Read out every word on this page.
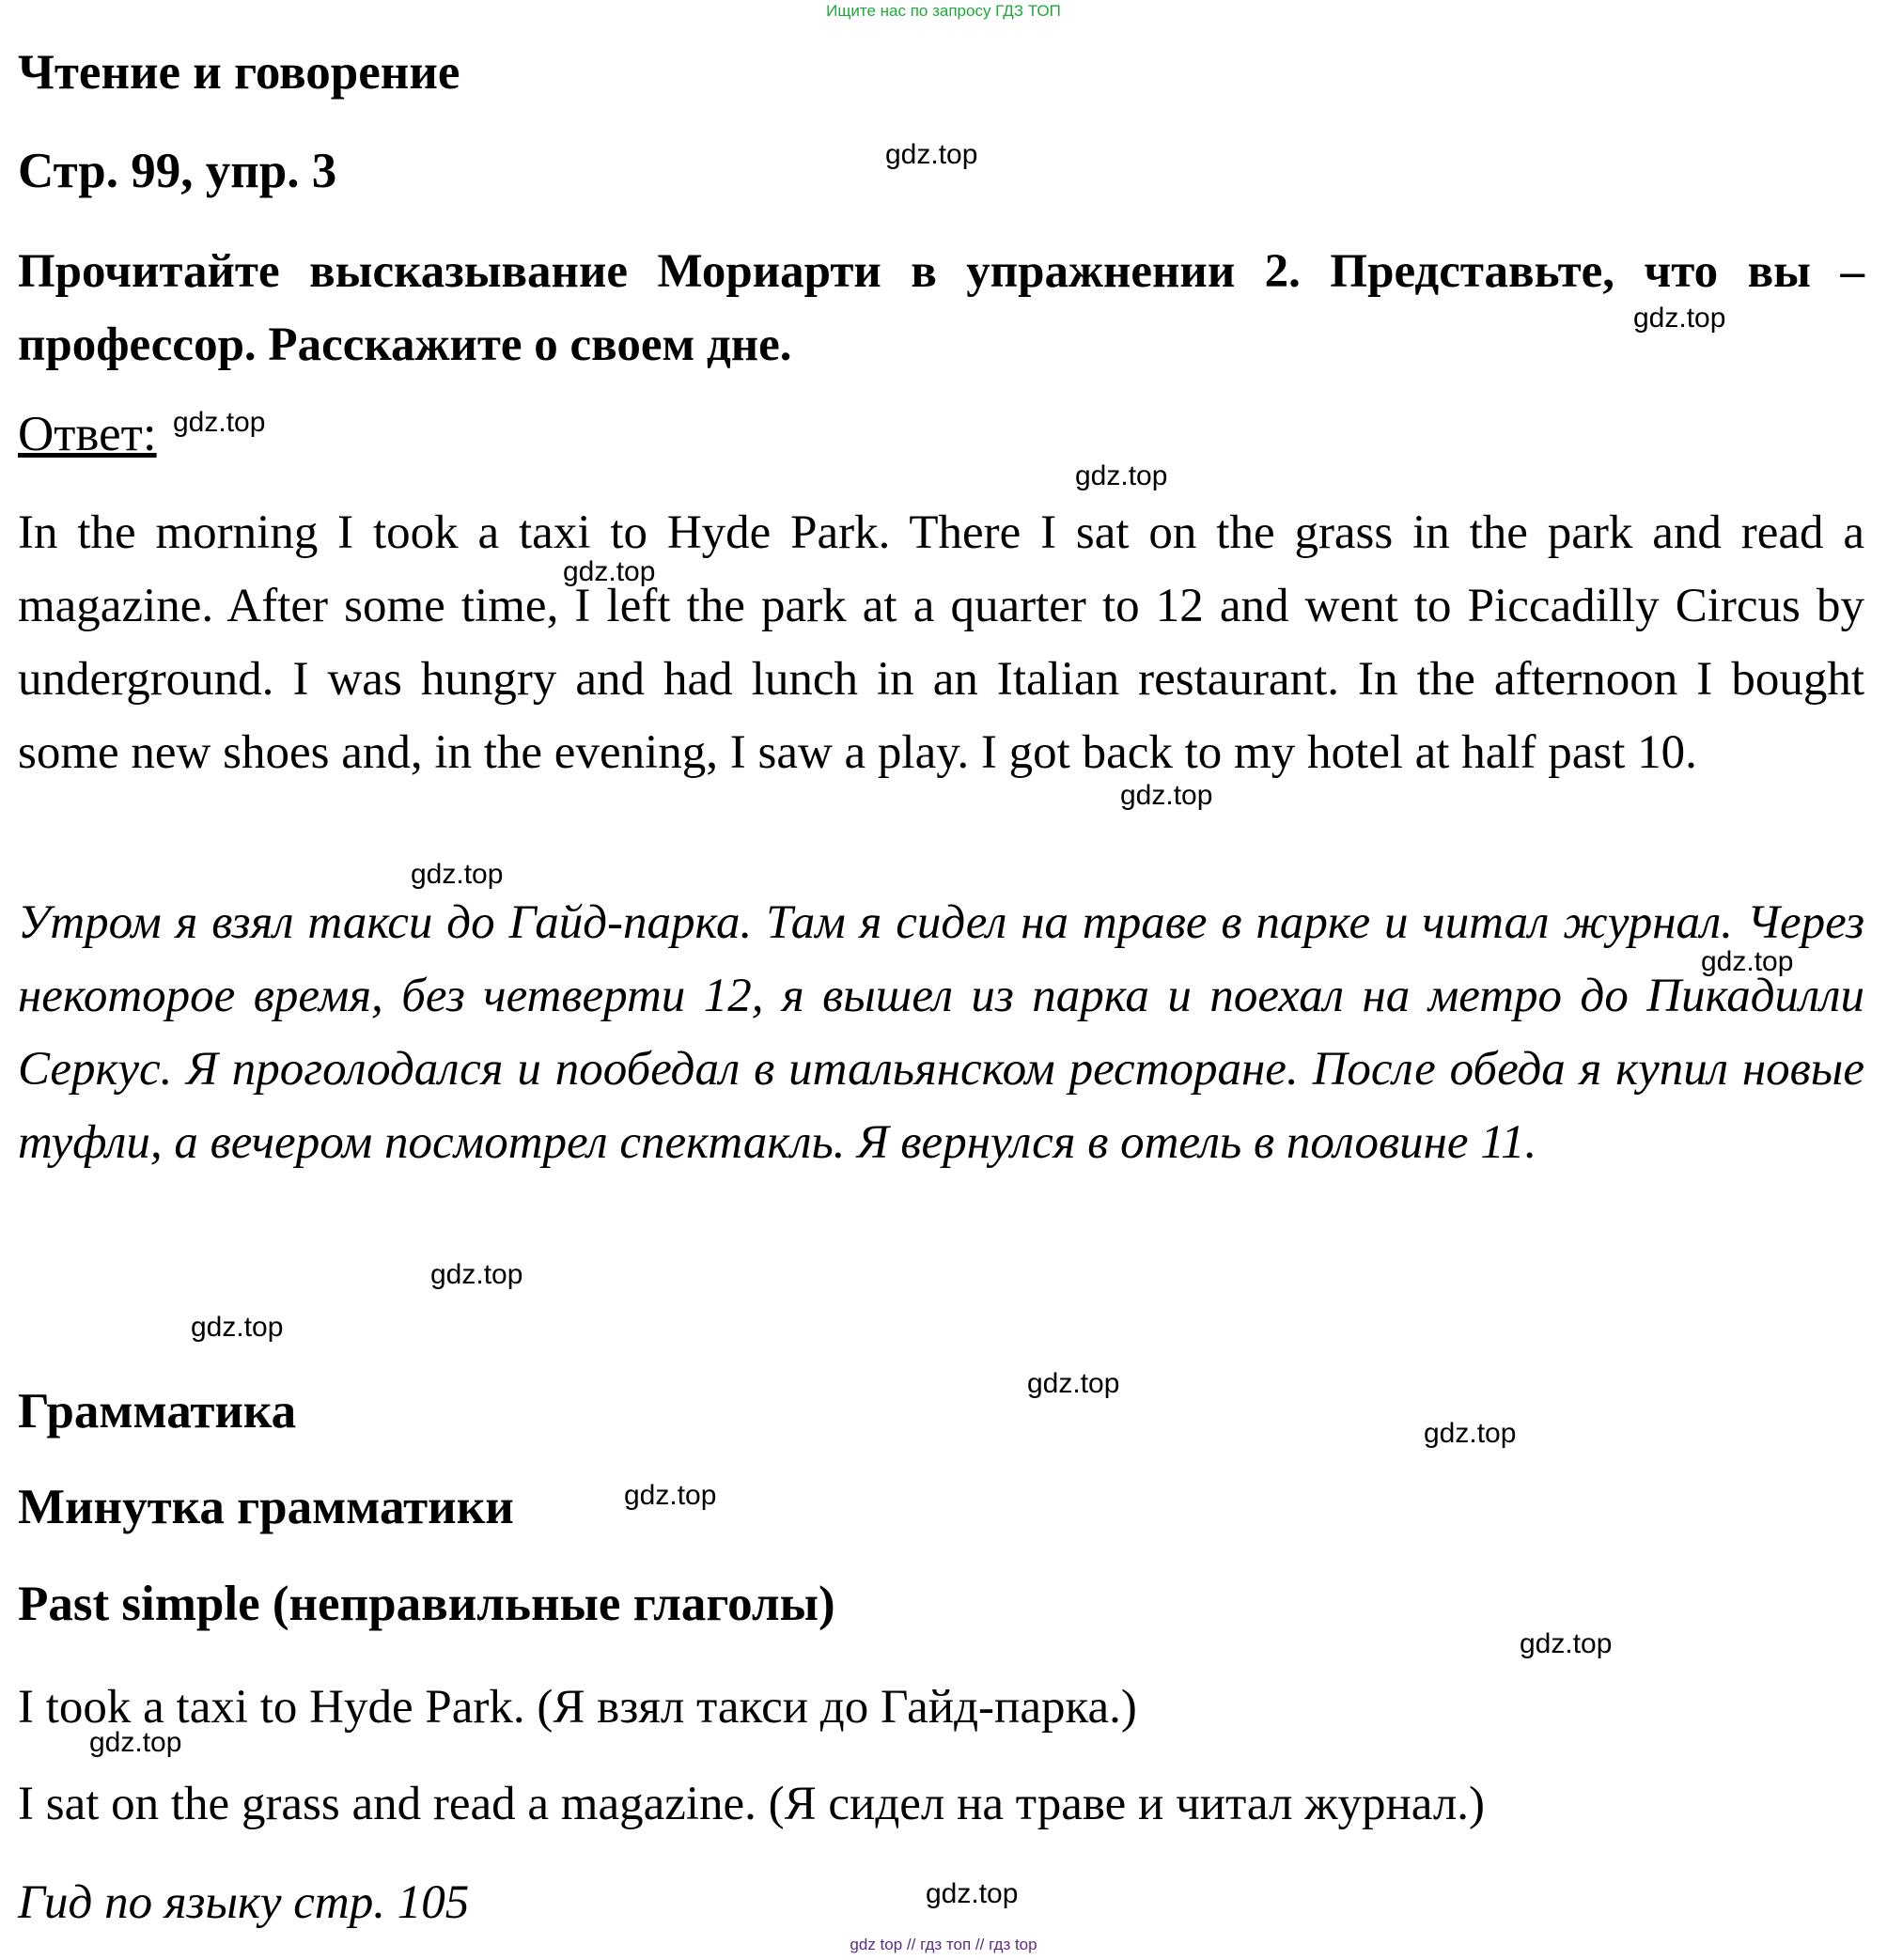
Ищите нас по запросу ГДЗ ТОП
Чтение и говорение
Стр. 99, упр. 3

Прочитайте высказывание Мориарти в упражнении 2. Представьте, что вы – профессор. Расскажите о своем дне.

Ответ:

In the morning I took a taxi to Hyde Park. There I sat on the grass in the park and read a magazine. After some time, I left the park at a quarter to 12 and went to Piccadilly Circus by underground. I was hungry and had lunch in an Italian restaurant. In the afternoon I bought some new shoes and, in the evening, I saw a play. I got back to my hotel at half past 10.

Утром я взял такси до Гайд-парка. Там я сидел на траве в парке и читал журнал. Через некоторое время, без четверти 12, я вышел из парка и поехал на метро до Пикадилли Серкус. Я проголодался и пообедал в итальянском ресторане. После обеда я купил новые туфли, а вечером посмотрел спектакль. Я вернулся в отель в половине 11.

Грамматика
Минутка грамматики
Past simple (неправильные глаголы)
I took a taxi to Hyde Park. (Я взял такси до Гайд-парка.)
I sat on the grass and read a magazine. (Я сидел на траве и читал журнал.)
Гид по языку стр. 105
gdz.top
gdz.top
gdz.top
gdz.top
gdz.top
gdz.top
gdz.top
gdz.top
gdz.top
gdz.top
gdz.top
gdz.top
gdz.top
gdz.top
gdz.top
gdz.top
gdz top // гдз топ // гдз top
